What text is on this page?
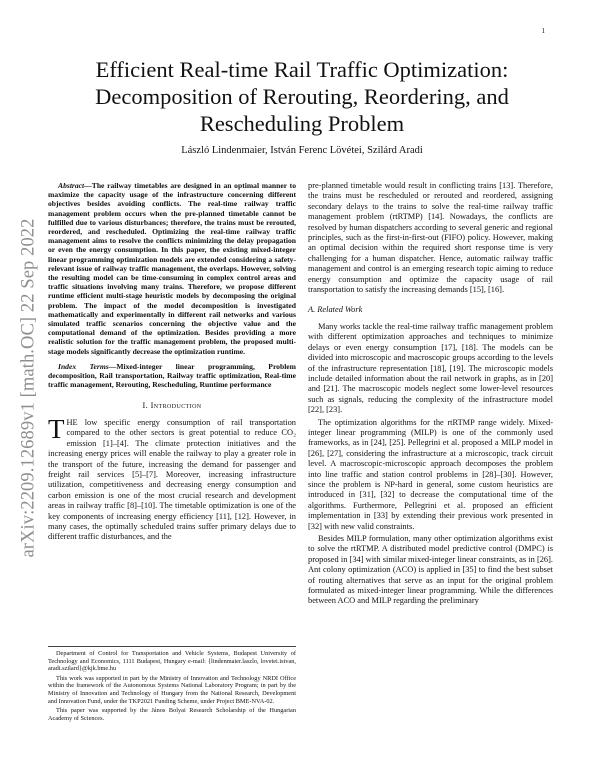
1
arXiv:2209.12689v1 [math.OC] 22 Sep 2022
Efficient Real-time Rail Traffic Optimization: Decomposition of Rerouting, Reordering, and Rescheduling Problem
László Lindenmaier, István Ferenc Lövétei, Szilárd Aradi
Abstract—The railway timetables are designed in an optimal manner to maximize the capacity usage of the infrastructure concerning different objectives besides avoiding conflicts. The real-time railway traffic management problem occurs when the pre-planned timetable cannot be fulfilled due to various disturbances; therefore, the trains must be rerouted, reordered, and rescheduled. Optimizing the real-time railway traffic management aims to resolve the conflicts minimizing the delay propagation or even the energy consumption. In this paper, the existing mixed-integer linear programming optimization models are extended considering a safety-relevant issue of railway traffic management, the overlaps. However, solving the resulting model can be time-consuming in complex control areas and traffic situations involving many trains. Therefore, we propose different runtime efficient multi-stage heuristic models by decomposing the original problem. The impact of the model decomposition is investigated mathematically and experimentally in different rail networks and various simulated traffic scenarios concerning the objective value and the computational demand of the optimization. Besides providing a more realistic solution for the traffic management problem, the proposed multi-stage models significantly decrease the optimization runtime.
Index Terms—Mixed-integer linear programming, Problem decomposition, Rail transportation, Railway traffic optimization, Real-time traffic management, Rerouting, Rescheduling, Runtime performance
I. Introduction
THE low specific energy consumption of rail transportation compared to the other sectors is great potential to reduce CO₂ emission [1]–[4]. The climate protection initiatives and the increasing energy prices will enable the railway to play a greater role in the transport of the future, increasing the demand for passenger and freight rail services [5]–[7]. Moreover, increasing infrastructure utilization, competitiveness and decreasing energy consumption and carbon emission is one of the most crucial research and development areas in railway traffic [8]–[10]. The timetable optimization is one of the key components of increasing energy efficiency [11], [12]. However, in many cases, the optimally scheduled trains suffer primary delays due to different traffic disturbances, and the

Department of Control for Transportation and Vehicle Systems, Budapest University of Technology and Economics, 1111 Budapest, Hungary e-mail: {lindenmaier.laszlo, lovetei.istvan, aradi.szilard}@kjk.bme.hu

This work was supported in part by the Ministry of Innovation and Technology NRDI Office within the framework of the Autonomous Systems National Laboratory Program; in part by the Ministry of Innovation and Technology of Hungary from the National Research, Development and Innovation Fund, under the TKP2021 Funding Scheme, under Project BME-NVA-02.

This paper was supported by the János Bolyai Research Scholarship of the Hungarian Academy of Sciences.

pre-planned timetable would result in conflicting trains [13]. Therefore, the trains must be rescheduled or rerouted and reordered, assigning secondary delays to the trains to solve the real-time railway traffic management problem (rtRTMP) [14]. Nowadays, the conflicts are resolved by human dispatchers according to several generic and regional principles, such as the first-in-first-out (FIFO) policy. However, making an optimal decision within the required short response time is very challenging for a human dispatcher. Hence, automatic railway traffic management and control is an emerging research topic aiming to reduce energy consumption and optimize the capacity usage of rail transportation to satisfy the increasing demands [15], [16].
A. Related Work
Many works tackle the real-time railway traffic management problem with different optimization approaches and techniques to minimize delays or even energy consumption [17], [18]. The models can be divided into microscopic and macroscopic groups according to the levels of the infrastructure representation [18], [19]. The microscopic models include detailed information about the rail network in graphs, as in [20] and [21]. The macroscopic models neglect some lower-level resources such as signals, reducing the complexity of the infrastructure model [22], [23].
The optimization algorithms for the rtRTMP range widely. Mixed-integer linear programming (MILP) is one of the commonly used frameworks, as in [24], [25]. Pellegrini et al. proposed a MILP model in [26], [27], considering the infrastructure at a microscopic, track circuit level. A macroscopic-microscopic approach decomposes the problem into line traffic and station control problems in [28]–[30]. However, since the problem is NP-hard in general, some custom heuristics are introduced in [31], [32] to decrease the computational time of the algorithms. Furthermore, Pellegrini et al. proposed an efficient implementation in [33] by extending their previous work presented in [32] with new valid constraints.
Besides MILP formulation, many other optimization algorithms exist to solve the rtRTMP. A distributed model predictive control (DMPC) is proposed in [34] with similar mixed-integer linear constraints, as in [26]. Ant colony optimization (ACO) is applied in [35] to find the best subset of routing alternatives that serve as an input for the original problem formulated as mixed-integer linear programming. While the differences between ACO and MILP regarding the preliminary
